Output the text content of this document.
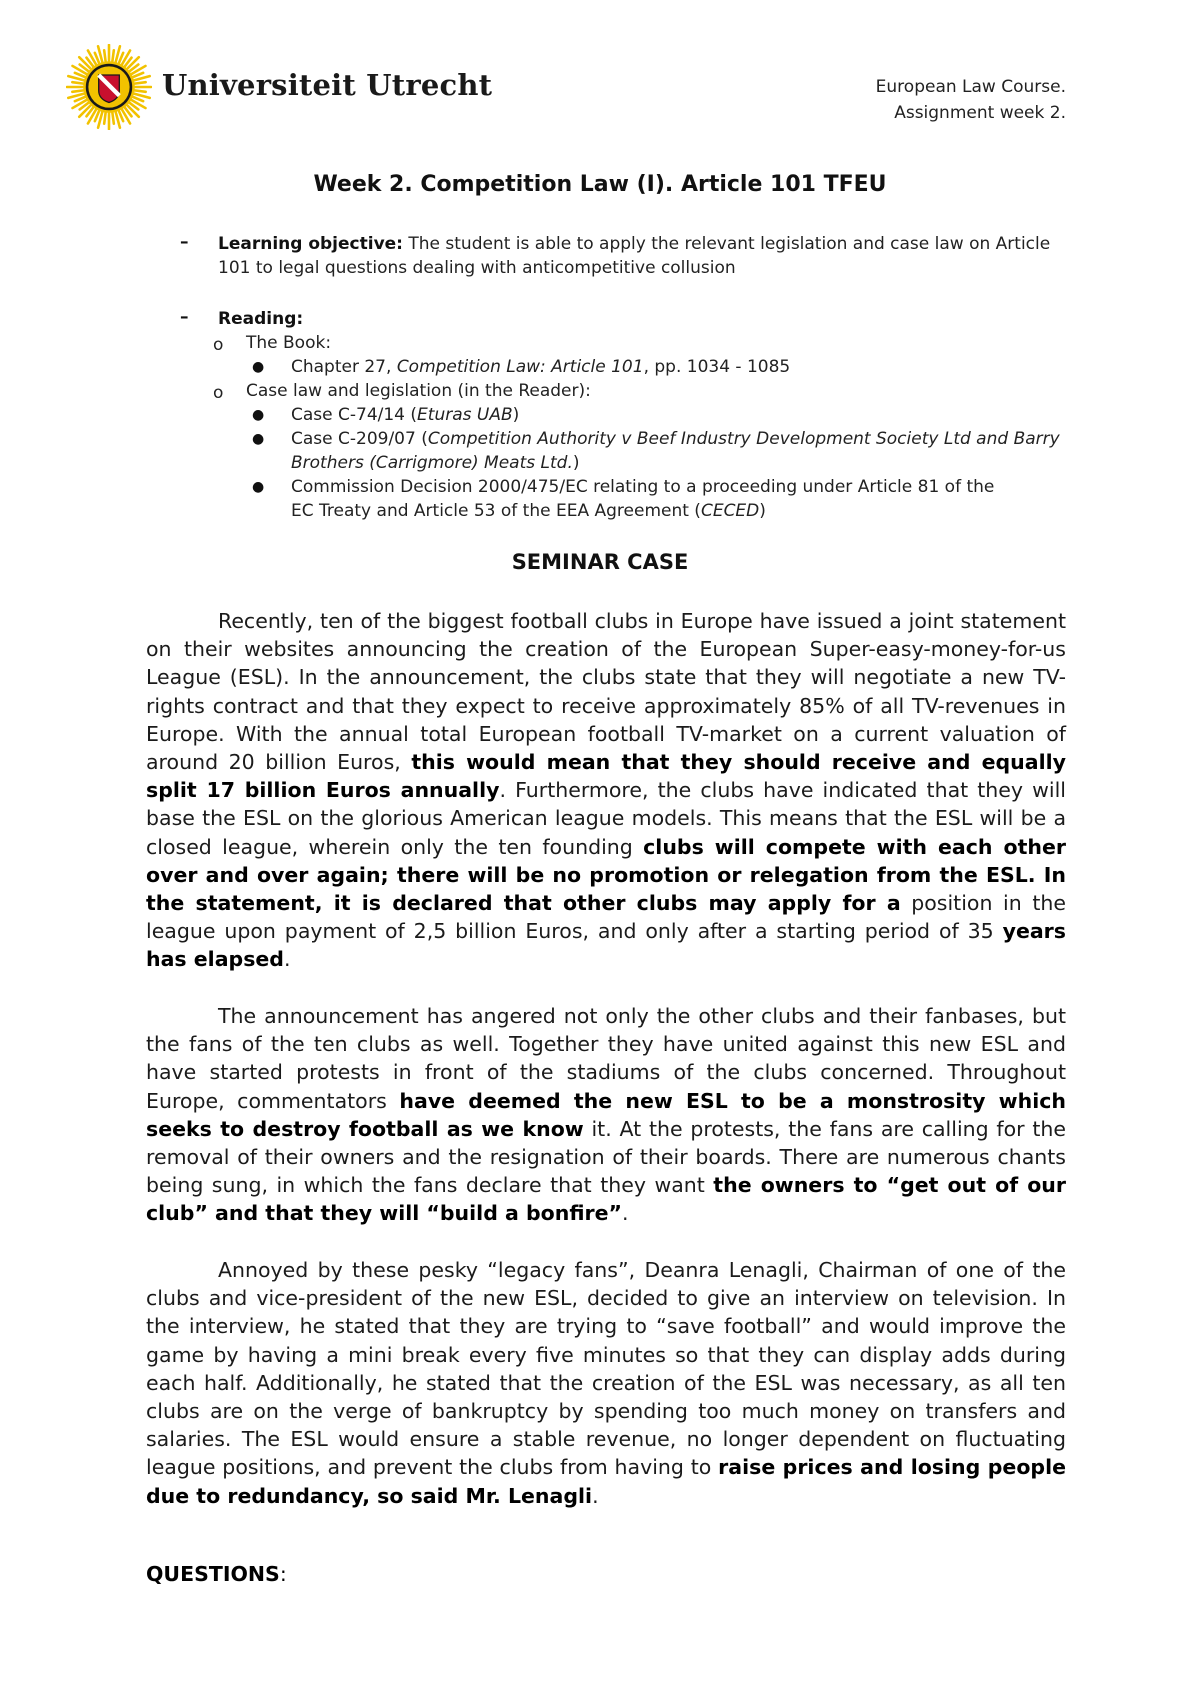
Universiteit Utrecht	European Law Course.
Assignment week 2.
Week 2. Competition Law (I). Article 101 TFEU
– Learning objective: The student is able to apply the relevant legislation and case law on Article
101 to legal questions dealing with anticompetitive collusion
– Reading:
o The Book:
● Chapter 27, Competition Law: Article 101, pp. 1034 - 1085
o Case law and legislation (in the Reader):
● Case C-74/14 (Eturas UAB)
● Case C-209/07 (Competition Authority v Beef Industry Development Society Ltd and Barry
Brothers (Carrigmore) Meats Ltd.)
● Commission Decision 2000/475/EC relating to a proceeding under Article 81 of the
EC Treaty and Article 53 of the EEA Agreement (CECED)
SEMINAR CASE
Recently, ten of the biggest football clubs in Europe have issued a joint statement on their websites announcing the creation of the European Super-easy-money-for-us League (ESL). In the announcement, the clubs state that they will negotiate a new TV-rights contract and that they expect to receive approximately 85% of all TV-revenues in Europe. With the annual total European football TV-market on a current valuation of around 20 billion Euros, this would mean that they should receive and equally split 17 billion Euros annually. Furthermore, the clubs have indicated that they will base the ESL on the glorious American league models. This means that the ESL will be a closed league, wherein only the ten founding clubs will compete with each other over and over again; there will be no promotion or relegation from the ESL. In the statement, it is declared that other clubs may apply for a position in the league upon payment of 2,5 billion Euros, and only after a starting period of 35 years has elapsed.
The announcement has angered not only the other clubs and their fanbases, but the fans of the ten clubs as well. Together they have united against this new ESL and have started protests in front of the stadiums of the clubs concerned. Throughout Europe, commentators have deemed the new ESL to be a monstrosity which seeks to destroy football as we know it. At the protests, the fans are calling for the removal of their owners and the resignation of their boards. There are numerous chants being sung, in which the fans declare that they want the owners to “get out of our club” and that they will “build a bonfire”.
Annoyed by these pesky “legacy fans”, Deanra Lenagli, Chairman of one of the clubs and vice-president of the new ESL, decided to give an interview on television. In the interview, he stated that they are trying to “save football” and would improve the game by having a mini break every five minutes so that they can display adds during each half. Additionally, he stated that the creation of the ESL was necessary, as all ten clubs are on the verge of bankruptcy by spending too much money on transfers and salaries. The ESL would ensure a stable revenue, no longer dependent on fluctuating league positions, and prevent the clubs from having to raise prices and losing people due to redundancy, so said Mr. Lenagli.
QUESTIONS:
